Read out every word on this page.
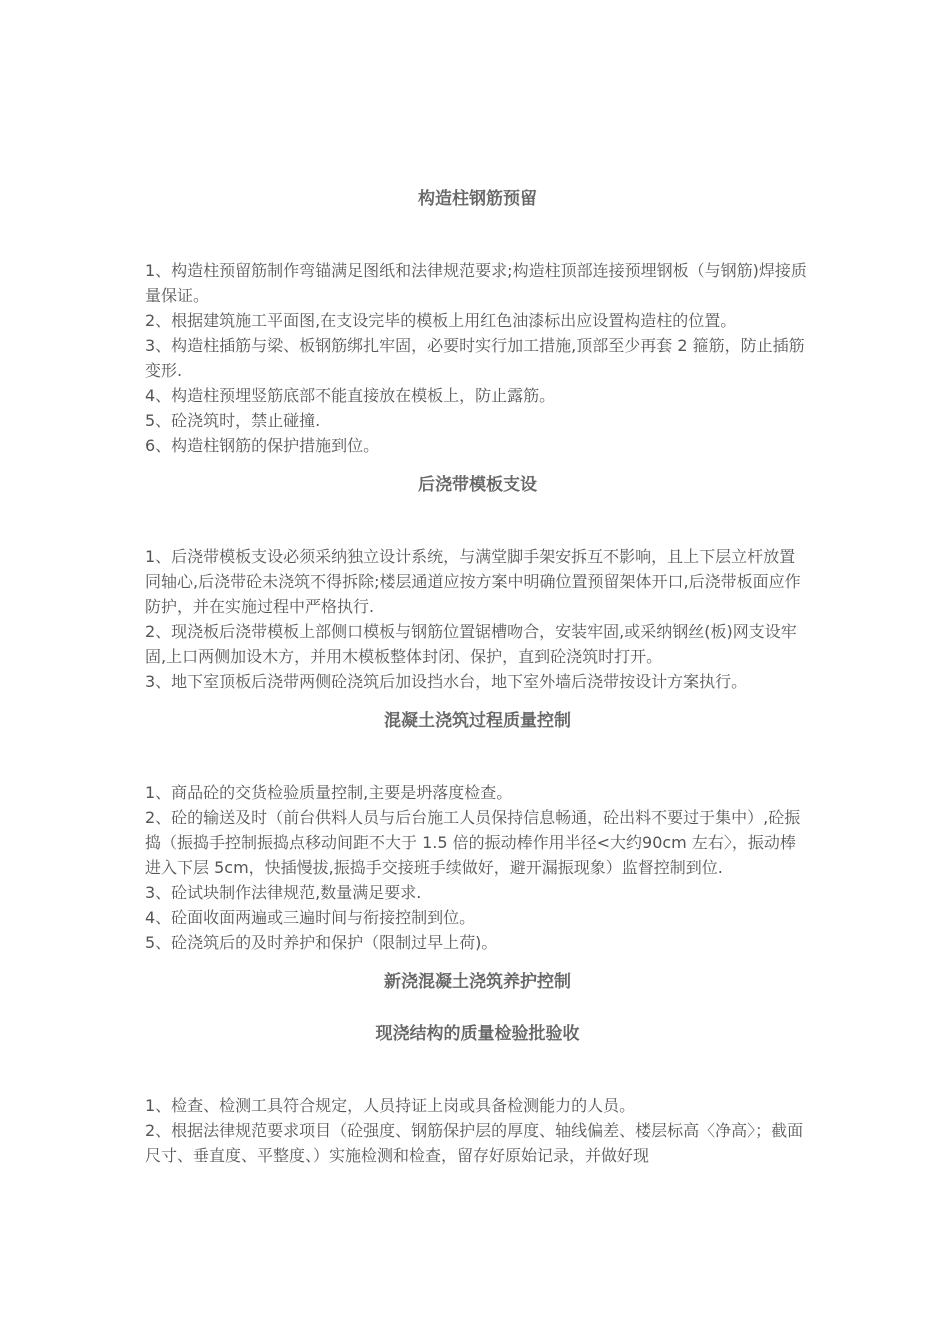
构造柱钢筋预留

1、构造柱预留筋制作弯锚满足图纸和法律规范要求;构造柱顶部连接预埋钢板（与钢筋)焊接质量保证。

2、根据建筑施工平面图,在支设完毕的模板上用红色油漆标出应设置构造柱的位置。

3、构造柱插筋与梁、板钢筋绑扎牢固，必要时实行加工措施,顶部至少再套 2 箍筋，防止插筋变形.

4、构造柱预埋竖筋底部不能直接放在模板上，防止露筋。

5、砼浇筑时，禁止碰撞.

6、构造柱钢筋的保护措施到位。

后浇带模板支设

1、后浇带模板支设必须采纳独立设计系统，与满堂脚手架安拆互不影响，且上下层立杆放置同轴心,后浇带砼未浇筑不得拆除;楼层通道应按方案中明确位置预留架体开口,后浇带板面应作防护，并在实施过程中严格执行.

2、现浇板后浇带模板上部侧口模板与钢筋位置锯槽吻合，安装牢固,或采纳钢丝(板)网支设牢固,上口两侧加设木方，并用木模板整体封闭、保护，直到砼浇筑时打开。

3、地下室顶板后浇带两侧砼浇筑后加设挡水台，地下室外墙后浇带按设计方案执行。

混凝土浇筑过程质量控制

1、商品砼的交货检验质量控制,主要是坍落度检查。

2、砼的输送及时（前台供料人员与后台施工人员保持信息畅通，砼出料不要过于集中）,砼振捣（振捣手控制振捣点移动间距不大于 1.5 倍的振动棒作用半径<大约90cm 左右〉，振动棒进入下层 5cm，快插慢拔,振捣手交接班手续做好，避开漏振现象）监督控制到位.

3、砼试块制作法律规范,数量满足要求.

4、砼面收面两遍或三遍时间与衔接控制到位。

5、砼浇筑后的及时养护和保护（限制过早上荷)。

新浇混凝土浇筑养护控制
现浇结构的质量检验批验收

1、检查、检测工具符合规定，人员持证上岗或具备检测能力的人员。

2、根据法律规范要求项目（砼强度、钢筋保护层的厚度、轴线偏差、楼层标高〈净高〉；截面尺寸、垂直度、平整度、）实施检测和检查，留存好原始记录，并做好现
